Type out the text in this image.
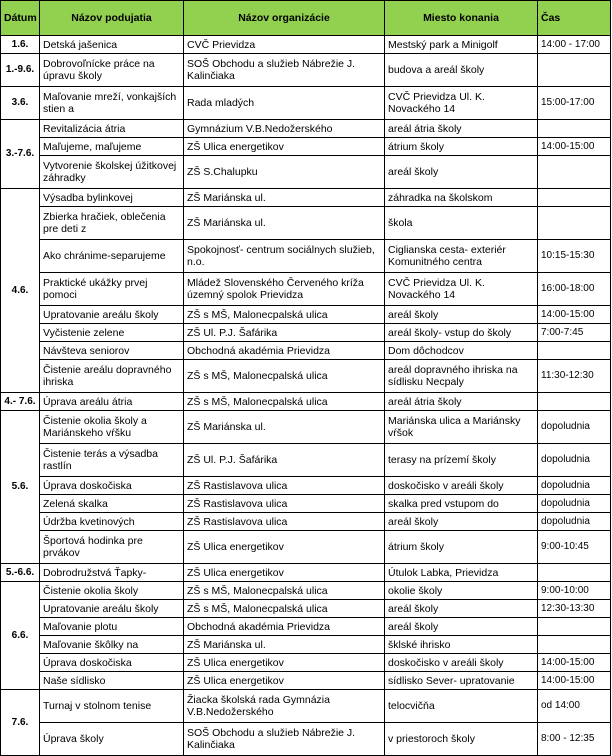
Dátum	Názov podujatia	Názov organizácie	Miesto konania	Čas
1.6.	Detská jašenica	CVČ Prievidza	Mestský park a Minigolf	14:00 - 17:00
1.-9.6.	Dobrovoľnícke práce na úpravu školy	SOŠ Obchodu a služieb Nábrežie J. Kalinčiaka	budova a areál školy	
3.6.	Maľovanie mreží, vonkajších stien a	Rada mladých	CVČ Prievidza Ul. K. Novackého 14	15:00-17:00
3.-7.6.	Revitalizácia átria	Gymnázium V.B.Nedožerského	areál átria školy	
	Maľujeme, maľujeme	ZŠ Ulica energetikov	átrium školy	14:00-15:00
	Vytvorenie školskej úžitkovej záhradky	ZŠ S.Chalupku	areál školy	
4.6.	Výsadba bylinkovej	ZŠ Mariánska ul.	záhradka na školskom	
	Zbierka hračiek, oblečenia pre deti z	ZŠ Mariánska ul.	škola	
	Ako chránime-separujeme	Spokojnosť- centrum sociálnych služieb, n.o.	Ciglianska cesta- exteriér Komunitného centra	10:15-15:30
	Praktické ukážky prvej pomoci	Mládež Slovenského Červeného kríža územný spolok Prievidza	CVČ Prievidza Ul. K. Novackého 14	16:00-18:00
	Upratovanie areálu školy	ZŠ s MŠ, Malonecpalská ulica	areál školy	14:00-15:00
	Vyčistenie zelene	ZŠ Ul. P.J. Šafárika	areál školy- vstup do školy	7:00-7:45
	Návšteva seniorov	Obchodná akadémia Prievidza	Dom dôchodcov	
	Čistenie areálu dopravného ihriska	ZŠ s MŠ, Malonecpalská ulica	areál dopravného ihriska na sídlisku Necpaly	11:30-12:30
4.- 7.6.	Úprava areálu átria	ZŠ s MŠ, Malonecpalská ulica	areál átria školy	
5.6.	Čistenie okolia školy a Mariánskeho vŕšku	ZŠ Mariánska ul.	Mariánska ulica a Mariánsky vŕšok	dopoludnia
	Čistenie terás a výsadba rastlín	ZŠ Ul. P.J. Šafárika	terasy na prízemí školy	dopoludnia
	Úprava doskočiska	ZŠ Rastislavova ulica	doskočisko v areáli školy	dopoludnia
	Zelená skalka	ZŠ Rastislavova ulica	skalka pred vstupom do	dopoludnia
	Údržba kvetinových	ZŠ Rastislavova ulica	areál školy	dopoludnia
	Športová hodinka pre prvákov	ZŠ Ulica energetikov	átrium školy	9:00-10:45
5.-6.6.	Dobrodružstvá Ťapky-	ZŠ Ulica energetikov	Útulok Labka, Prievidza	
6.6.	Čistenie okolia školy	ZŠ s MŠ, Malonecpalská ulica	okolie školy	9:00-10:00
	Upratovanie areálu školy	ZŠ s MŠ, Malonecpalská ulica	areál školy	12:30-13:30
	Maľovanie plotu	Obchodná akadémia Prievidza	areál školy	
	Maľovanie škôlky na	ZŠ Mariánska ul.	šklské ihrisko	
	Úprava doskočiska	ZŠ Ulica energetikov	doskočisko v areáli školy	14:00-15:00
	Naše sídlisko	ZŠ Ulica energetikov	sídlisko Sever- upratovanie	14:00-15:00
7.6.	Turnaj v stolnom tenise	Žiacka školská rada Gymnázia V.B.Nedožerského	telocvičňa	od 14:00
	Úprava školy	SOŠ Obchodu a služieb Nábrežie J. Kalinčiaka	v priestoroch školy	8:00 - 12:35
